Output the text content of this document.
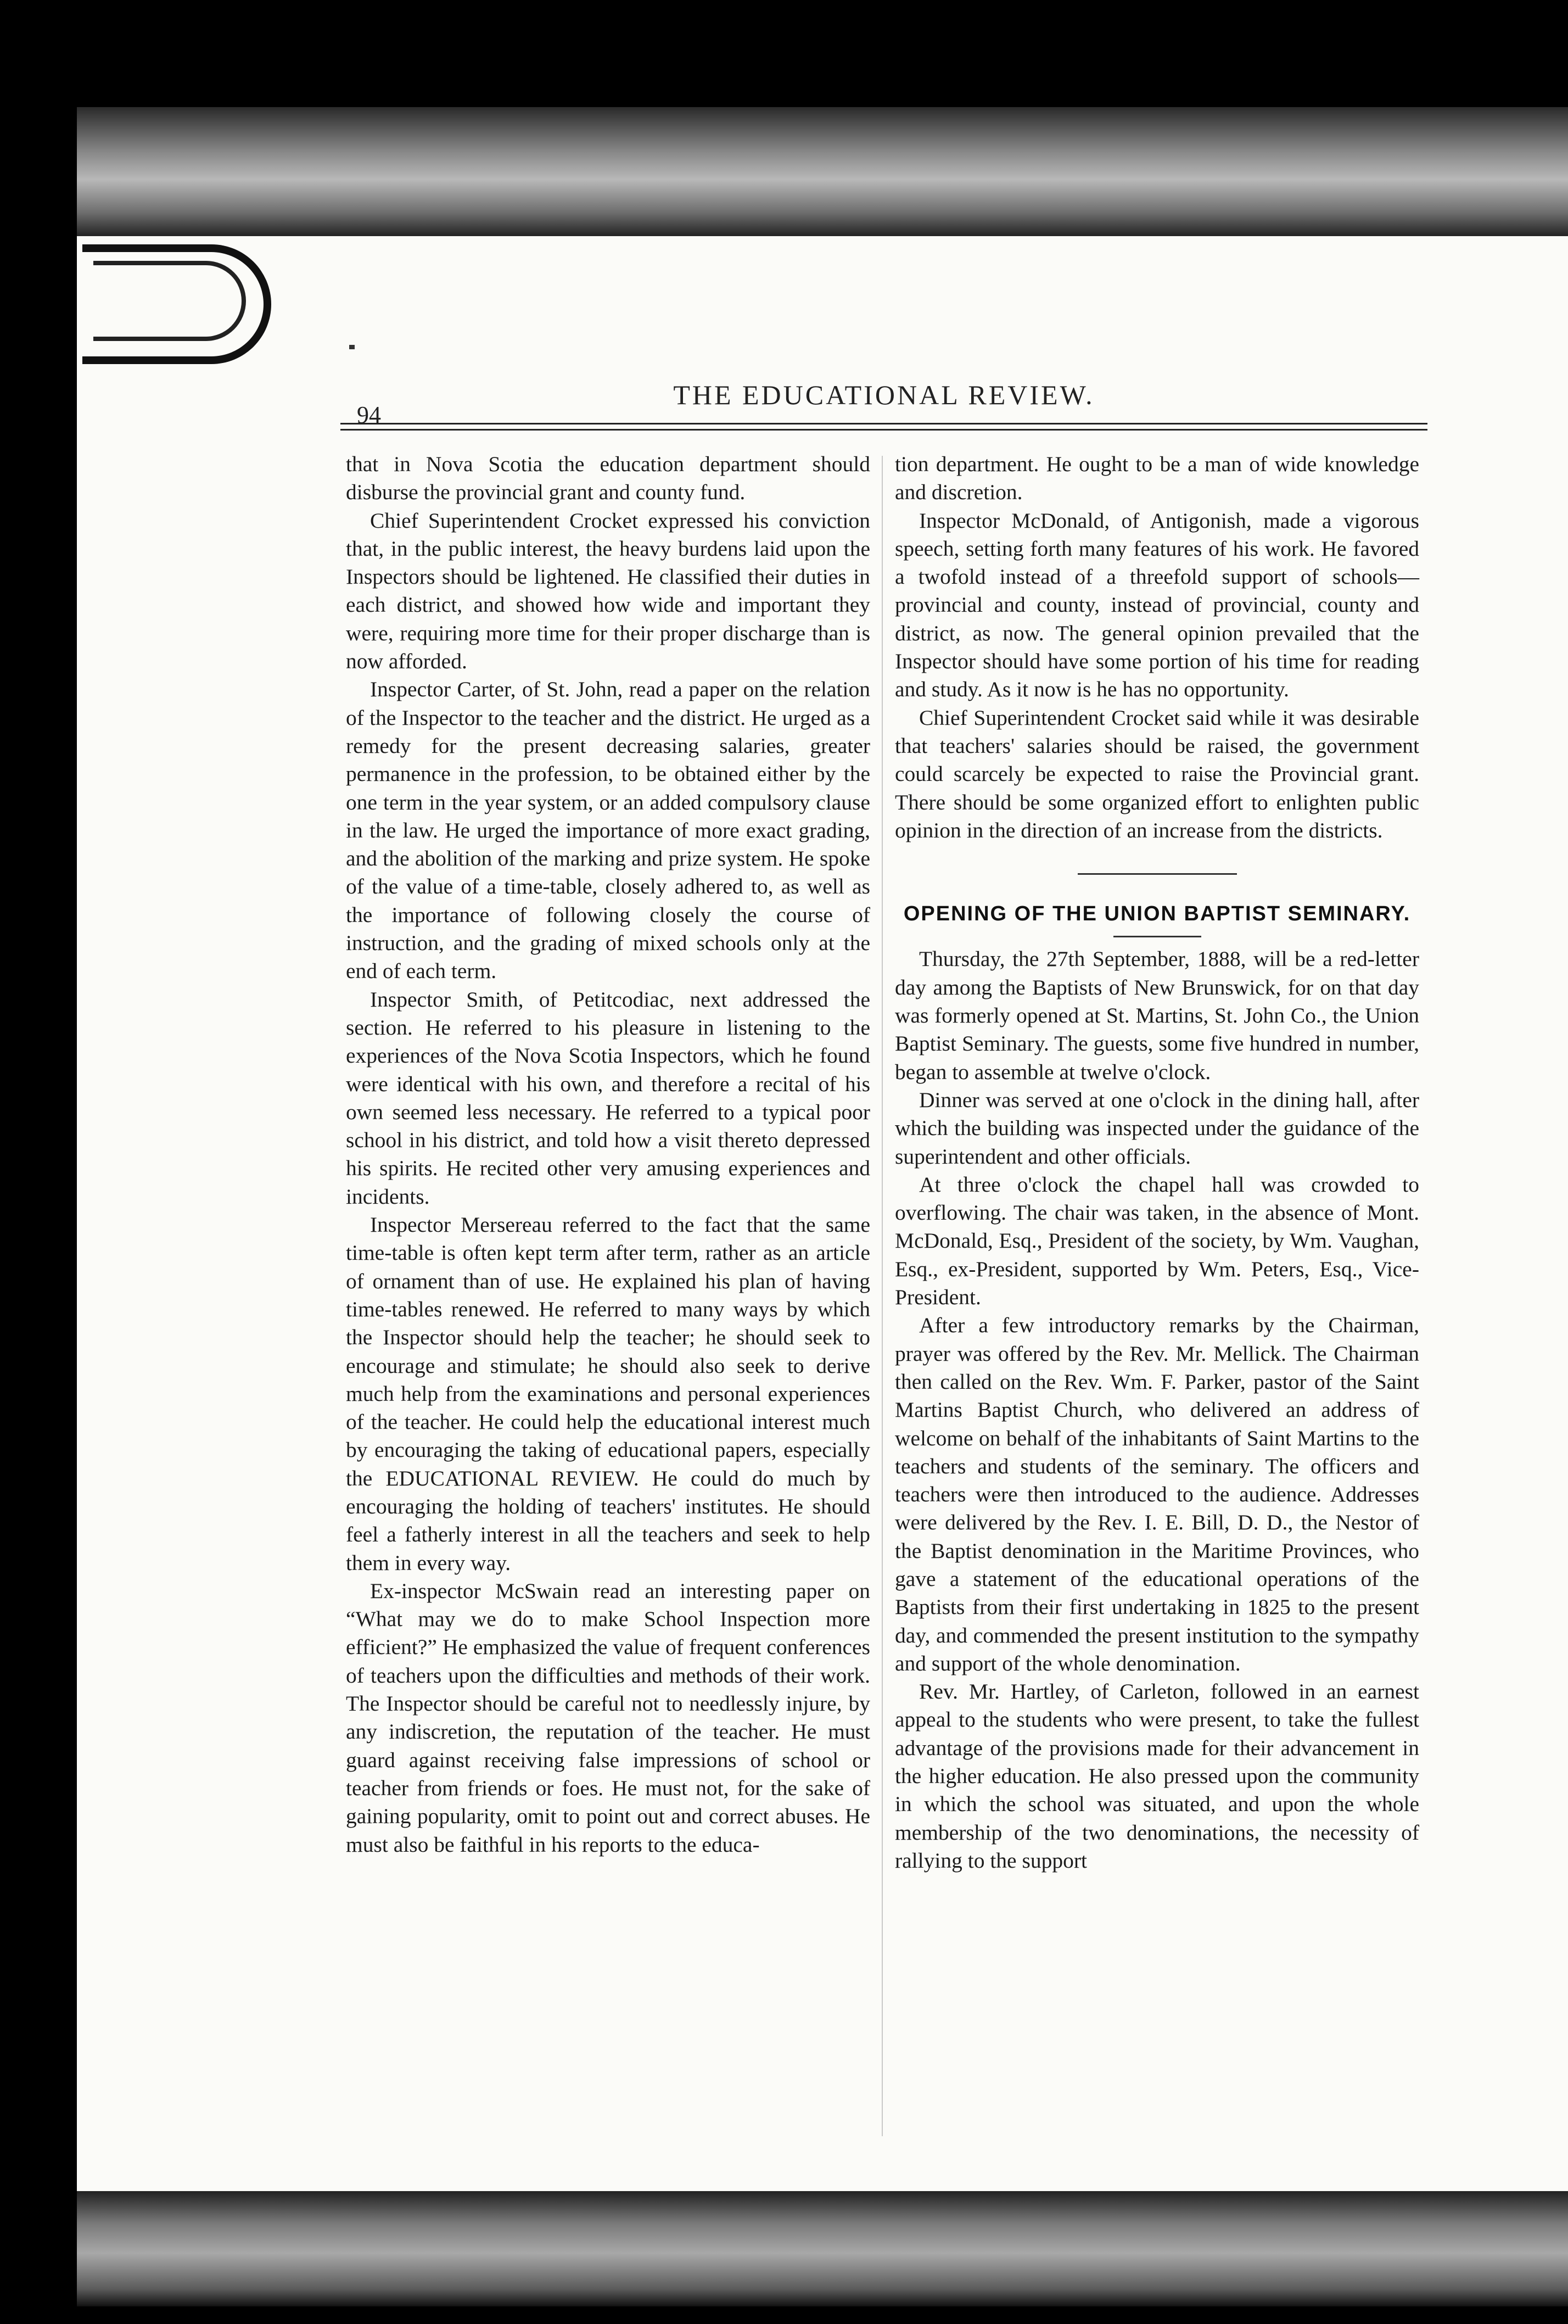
94
THE EDUCATIONAL REVIEW.

that in Nova Scotia the education department should disburse the provincial grant and county fund.

Chief Superintendent Crocket expressed his conviction that, in the public interest, the heavy burdens laid upon the Inspectors should be lightened. He classified their duties in each district, and showed how wide and important they were, requiring more time for their proper discharge than is now afforded.

Inspector Carter, of St. John, read a paper on the relation of the Inspector to the teacher and the district. He urged as a remedy for the present decreasing salaries, greater permanence in the profession, to be obtained either by the one term in the year system, or an added compulsory clause in the law. He urged the importance of more exact grading, and the abolition of the marking and prize system. He spoke of the value of a time-table, closely adhered to, as well as the importance of following closely the course of instruction, and the grading of mixed schools only at the end of each term.

Inspector Smith, of Petitcodiac, next addressed the section. He referred to his pleasure in listening to the experiences of the Nova Scotia Inspectors, which he found were identical with his own, and therefore a recital of his own seemed less necessary. He referred to a typical poor school in his district, and told how a visit thereto depressed his spirits. He recited other very amusing experiences and incidents.

Inspector Mersereau referred to the fact that the same time-table is often kept term after term, rather as an article of ornament than of use. He explained his plan of having time-tables renewed. He referred to many ways by which the Inspector should help the teacher; he should seek to encourage and stimulate; he should also seek to derive much help from the examinations and personal experiences of the teacher. He could help the educational interest much by encouraging the taking of educational papers, especially the EDUCATIONAL REVIEW. He could do much by encouraging the holding of teachers' institutes. He should feel a fatherly interest in all the teachers and seek to help them in every way.

Ex-inspector McSwain read an interesting paper on “What may we do to make School Inspection more efficient?” He emphasized the value of frequent conferences of teachers upon the difficulties and methods of their work. The Inspector should be careful not to needlessly injure, by any indiscretion, the reputation of the teacher. He must guard against receiving false impressions of school or teacher from friends or foes. He must not, for the sake of gaining popularity, omit to point out and correct abuses. He must also be faithful in his reports to the educa-

tion department. He ought to be a man of wide knowledge and discretion.

Inspector McDonald, of Antigonish, made a vigorous speech, setting forth many features of his work. He favored a twofold instead of a threefold support of schools—provincial and county, instead of provincial, county and district, as now. The general opinion prevailed that the Inspector should have some portion of his time for reading and study. As it now is he has no opportunity.

Chief Superintendent Crocket said while it was desirable that teachers' salaries should be raised, the government could scarcely be expected to raise the Provincial grant. There should be some organized effort to enlighten public opinion in the direction of an increase from the districts.

OPENING OF THE UNION BAPTIST SEMINARY.

Thursday, the 27th September, 1888, will be a red-letter day among the Baptists of New Brunswick, for on that day was formerly opened at St. Martins, St. John Co., the Union Baptist Seminary. The guests, some five hundred in number, began to assemble at twelve o'clock.

Dinner was served at one o'clock in the dining hall, after which the building was inspected under the guidance of the superintendent and other officials.

At three o'clock the chapel hall was crowded to overflowing. The chair was taken, in the absence of Mont. McDonald, Esq., President of the society, by Wm. Vaughan, Esq., ex-President, supported by Wm. Peters, Esq., Vice-President.

After a few introductory remarks by the Chairman, prayer was offered by the Rev. Mr. Mellick. The Chairman then called on the Rev. Wm. F. Parker, pastor of the Saint Martins Baptist Church, who delivered an address of welcome on behalf of the inhabitants of Saint Martins to the teachers and students of the seminary. The officers and teachers were then introduced to the audience. Addresses were delivered by the Rev. I. E. Bill, D. D., the Nestor of the Baptist denomination in the Maritime Provinces, who gave a statement of the educational operations of the Baptists from their first undertaking in 1825 to the present day, and commended the present institution to the sympathy and support of the whole denomination.

Rev. Mr. Hartley, of Carleton, followed in an earnest appeal to the students who were present, to take the fullest advantage of the provisions made for their advancement in the higher education. He also pressed upon the community in which the school was situated, and upon the whole membership of the two denominations, the necessity of rallying to the support
